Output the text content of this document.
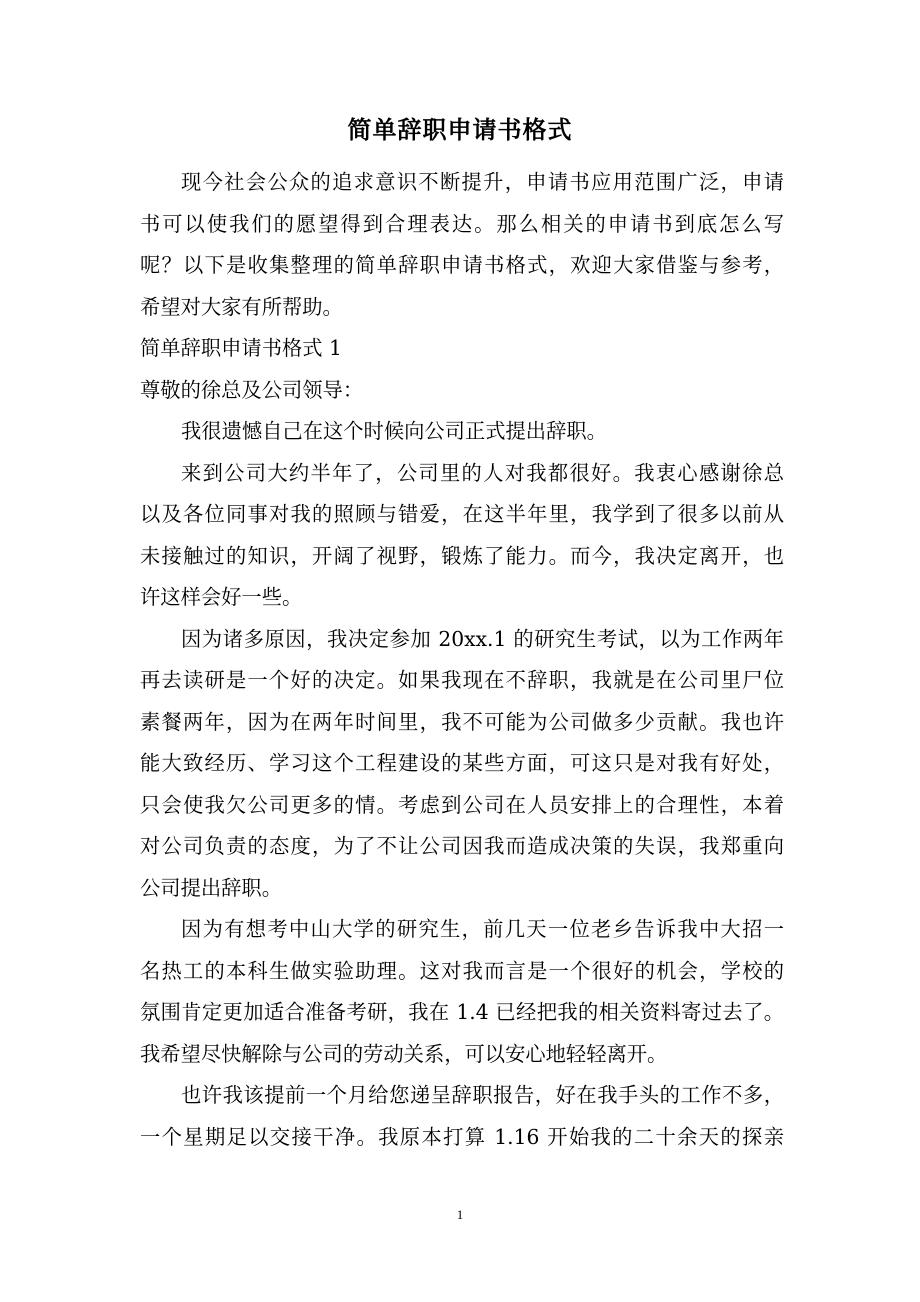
简单辞职申请书格式
现今社会公众的追求意识不断提升，申请书应用范围广泛，申请
书可以使我们的愿望得到合理表达。那么相关的申请书到底怎么写
呢？以下是收集整理的简单辞职申请书格式，欢迎大家借鉴与参考，
希望对大家有所帮助。
简单辞职申请书格式 1
尊敬的徐总及公司领导：
我很遗憾自己在这个时候向公司正式提出辞职。
来到公司大约半年了，公司里的人对我都很好。我衷心感谢徐总
以及各位同事对我的照顾与错爱，在这半年里，我学到了很多以前从
未接触过的知识，开阔了视野，锻炼了能力。而今，我决定离开，也
许这样会好一些。
因为诸多原因，我决定参加 20xx.1 的研究生考试，以为工作两年
再去读研是一个好的决定。如果我现在不辞职，我就是在公司里尸位
素餐两年，因为在两年时间里，我不可能为公司做多少贡献。我也许
能大致经历、学习这个工程建设的某些方面，可这只是对我有好处，
只会使我欠公司更多的情。考虑到公司在人员安排上的合理性，本着
对公司负责的态度，为了不让公司因我而造成决策的失误，我郑重向
公司提出辞职。
因为有想考中山大学的研究生，前几天一位老乡告诉我中大招一
名热工的本科生做实验助理。这对我而言是一个很好的机会，学校的
氛围肯定更加适合准备考研，我在 1.4 已经把我的相关资料寄过去了。
我希望尽快解除与公司的劳动关系，可以安心地轻轻离开。
也许我该提前一个月给您递呈辞职报告，好在我手头的工作不多，
一个星期足以交接干净。我原本打算 1.16 开始我的二十余天的探亲
1
